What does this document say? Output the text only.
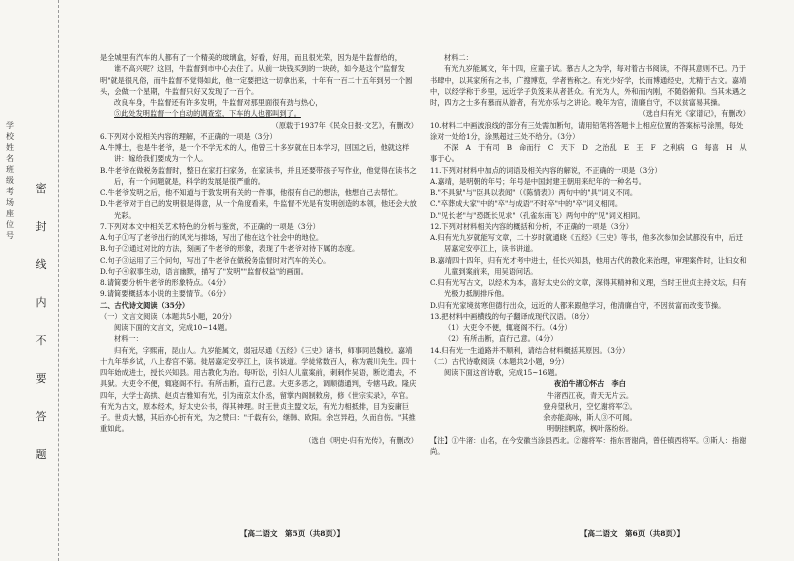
学校 姓名 班级 考场 座位号
密 封 线 内 不 要 答 题

是全城里有汽车的人都有了一个精美的玻璃盒，好看，好用，而且很光荣，因为是牛监督给的，

谁不高兴呢？这回，牛监督到市中心去住了。从前一块钱买到的一块砖，如今是这个"监督发明"就是很凡俗，而牛监督不觉得如此，他一定要把这一切拿出来，十年有一百二十五年到另一个圆头，会做一个星期，牛监督只好又发现了一百个。

改良车身，牛监督还有许多发明，牛监督对那里面很有劲与热心，

⑤此处发明监督一个自动的调查室，下车的人也都叫到了。

（原载于1937年《民众日报·文艺》，有删改）

6.下列对小说相关内容的理解，不正确的一项是（3分）

A.牛博士，也是牛老爷，是一个不学无术的人，他曾三十多岁就在日本学习，回国之后，他就这样讲：嫁给我们要成为一个人。

B.牛老爷在做税务监督时，整日在家打扫家务，在家读书，并且还要带孩子写作业，他觉得在读书之后，有一个问题就是，科学的发展是很严重的。

C.牛老爷发明之后，他不知道与于敦发明有关的一件事，他很有自己的想法，他想自己去帮忙。

D.牛老爷对于自己的发明很是得意，从一个角度看来，牛监督不光是有发明创造的本领，他还会大放光彩。

7.下列对本文中相关艺术特色的分析与鉴赏，不正确的一项是（3分）

A.句子①写了老爷出行的风光与排场，写出了他在这个社会中的地位。

B.句子②通过对比的方法，刻画了牛老爷的形象，表现了牛老爷对待下属的态度。

C.句子③运用了三个问句，写出了牛老爷在做税务监督时对汽车的关心。

D.句子④叙事生动，语言幽默，描写了"发明""监督权益"的画面。

8.请简要分析牛老爷的形象特点。（4分）

9.请简要概括本小说的主要情节。（6分）

二、古代诗文阅读（35分）

（一）文言文阅读（本题共5小题，20分）

阅读下面的文言文，完成10~14题。

材料一：

归有光，字熙甫，昆山人。九岁能属文，弱冠尽通《五经》《三史》诸书，师事同邑魏校。嘉靖十九年举乡试，八上春官不第。徙居嘉定安亭江上，读书谈道。学徒常数百人，称为震川先生。四十四年始成进士，授长兴知县。用古教化为治。每听讼，引妇人儿童案前，刺刺作吴语，断讫遣去，不具狱。大吏令不便，辄寝阁不行。有所击断，直行己意。大吏多恶之，调顺德通判，专辖马政。隆庆四年，大学士高拱、赵贞吉雅知有光，引为南京太仆丞，留掌内阁制敕房，修《世宗实录》，卒官。有光为古文，原本经术，好太史公书，得其神理。时王世贞主盟文坛，有光力相抵排，目为妄庸巨子。世贞大憾，其后亦心折有光，为之赞曰："千载有公，继韩、欧阳。余岂异趋，久而自伤。"其推重如此。

（选自《明史·归有光传》，有删改）

材料二：

有光九岁能属文，年十四，应童子试。慕古人之为学，每对着古书阅读，不得其意则不已。乃于书肆中，以其家所有之书，广搜博览，学者皆称之。有光少好学，长而博通经史，尤精于古文。嘉靖中，以经学称于乡里，远近学子负笈来从者甚众。有光为人，外和而内刚，不随俗俯仰。当其未遇之时，四方之士多有慕而从游者，有光亦乐与之讲论。晚年为官，清廉自守，不以贫富易其操。

（选自归有光《家谱记》，有删改）

10.材料二中画波浪线的部分有三处需加断句，请用铅笔将答题卡上相应位置的答案标号涂黑，每处涂对一处给1分，涂黑超过三处不给分。（3分）

不深　A　于有司　B　命而行　C　天下　D　之治乱　E　王　F　之利病　G　每喜　H　从事于心。

11.下列对材料中加点的词语及相关内容的解说，不正确的一项是（3分）

A.嘉靖，是明朝的年号；年号是中国封建王朝用来纪年的一种名号。

B."不具狱"与"臣具以表闻"（《陈情表》）两句中的"具"词义不同。

C."卒葬成大家"中的"卒"与成语"不时卒"中的"卒"词义相同。

D."见长老"与"恐既长见求"（孔雀东南飞）两句中的"见"词义相同。

12.下列对材料相关内容的概括和分析，不正确的一项是（3分）

A.归有光九岁就能写文章，二十岁时就通晓《五经》《三史》等书，他多次参加会试都没有中，后迁居嘉定安亭江上，读书讲道。

B.嘉靖四十四年，归有光才考中进士，任长兴知县，他用古代的教化来治理，审理案件时，让妇女和儿童到案前来，用吴语问话。

C.归有光写古文，以经术为本，喜好太史公的文章，深得其精神和义理，当时王世贞主持文坛，归有光极力抵制排斥他。

D.归有光家境贫寒但德行出众，远近的人都来跟他学习，他清廉自守，不因贫富而改变节操。

13.把材料中画横线的句子翻译成现代汉语。（8分）

（1）大吏令不便，辄寝阁不行。（4分）

（2）有所击断，直行己意。（4分）

14.归有光一生道路并不顺利，请结合材料概括其原因。（3分）

（二）古代诗歌阅读（本题共2小题，9分）

阅读下面这首诗歌，完成15~16题。

夜泊牛渚①怀古　李白

牛渚西江夜，青天无片云。

登舟望秋月，空忆谢将军②。

余亦能高咏，斯人③不可闻。

明朝挂帆席，枫叶落纷纷。

【注】①牛渚：山名，在今安徽当涂县西北。②谢将军：指东晋谢尚，曾任镇西将军。③斯人：指谢尚。

【高二语文　第5页（共8页）】	【高二语文　第6页（共8页）】
